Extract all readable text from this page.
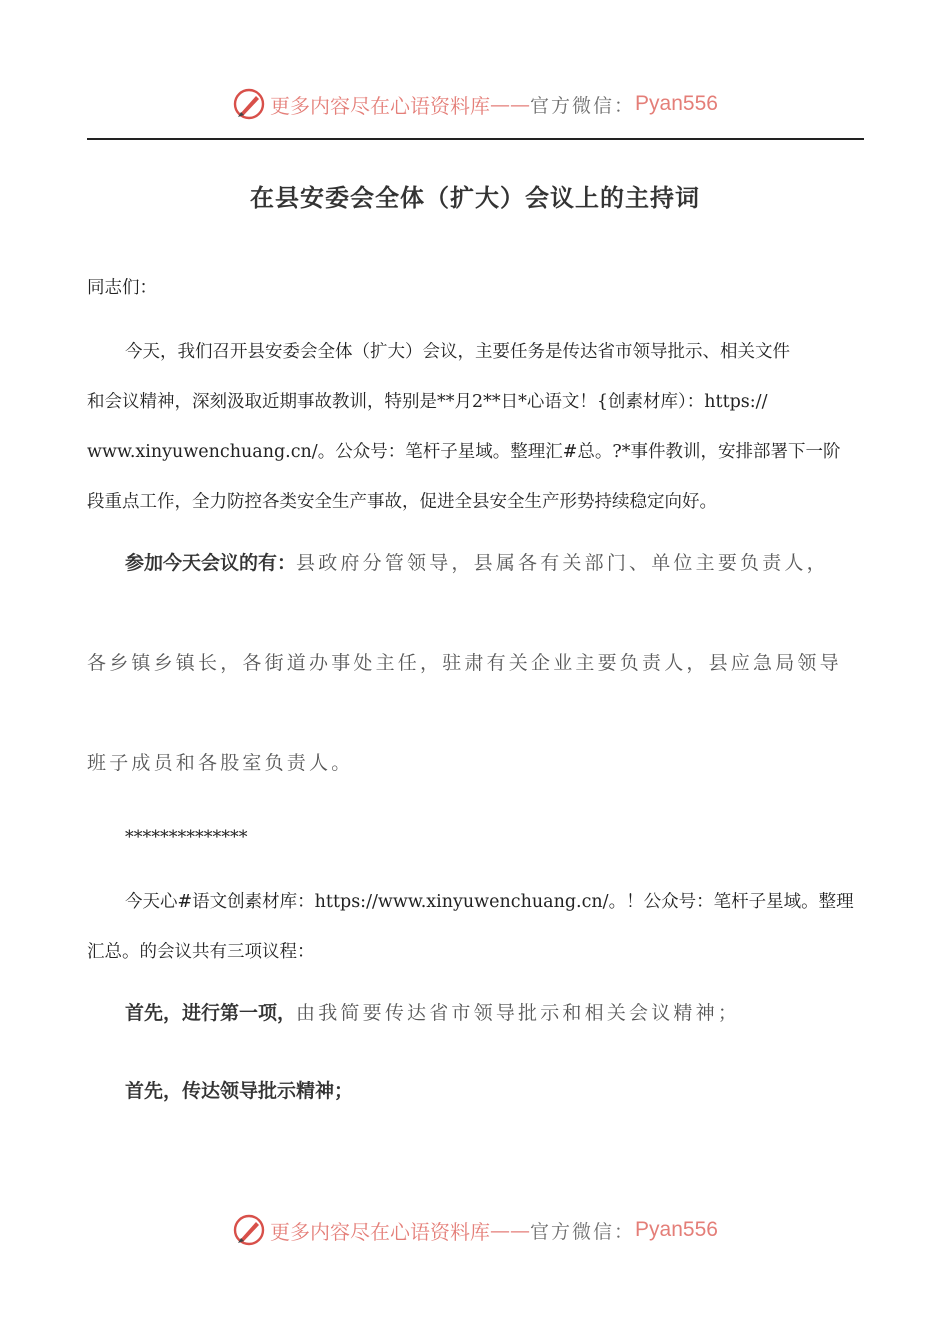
更多内容尽在心语资料库 —— 官方微信： Pyan556
在县安委会全体（扩大）会议上的主持词
同志们：
今天，我们召开县安委会全体（扩大）会议，主要任务是传达省市领导批示、相关文件
和会议精神，深刻汲取近期事故教训，特别是**月2**日*心语文！{创素材库）：https://
www.xinyuwenchuang.cn/。公众号：笔杆子星域。整理汇#总。?*事件教训，安排部署下一阶
段重点工作，全力防控各类安全生产事故，促进全县安全生产形势持续稳定向好。
参加今天会议的有：县政府分管领导，县属各有关部门、单位主要负责人，
各乡镇乡镇长，各街道办事处主任，驻肃有关企业主要负责人，县应急局领导
班子成员和各股室负责人。
**************
今天心#语文创素材库：https://www.xinyuwenchuang.cn/。！公众号：笔杆子星域。整理
汇总。的会议共有三项议程：
首先，进行第一项，由我简要传达省市领导批示和相关会议精神；
首先，传达领导批示精神；
更多内容尽在心语资料库 —— 官方微信： Pyan556
